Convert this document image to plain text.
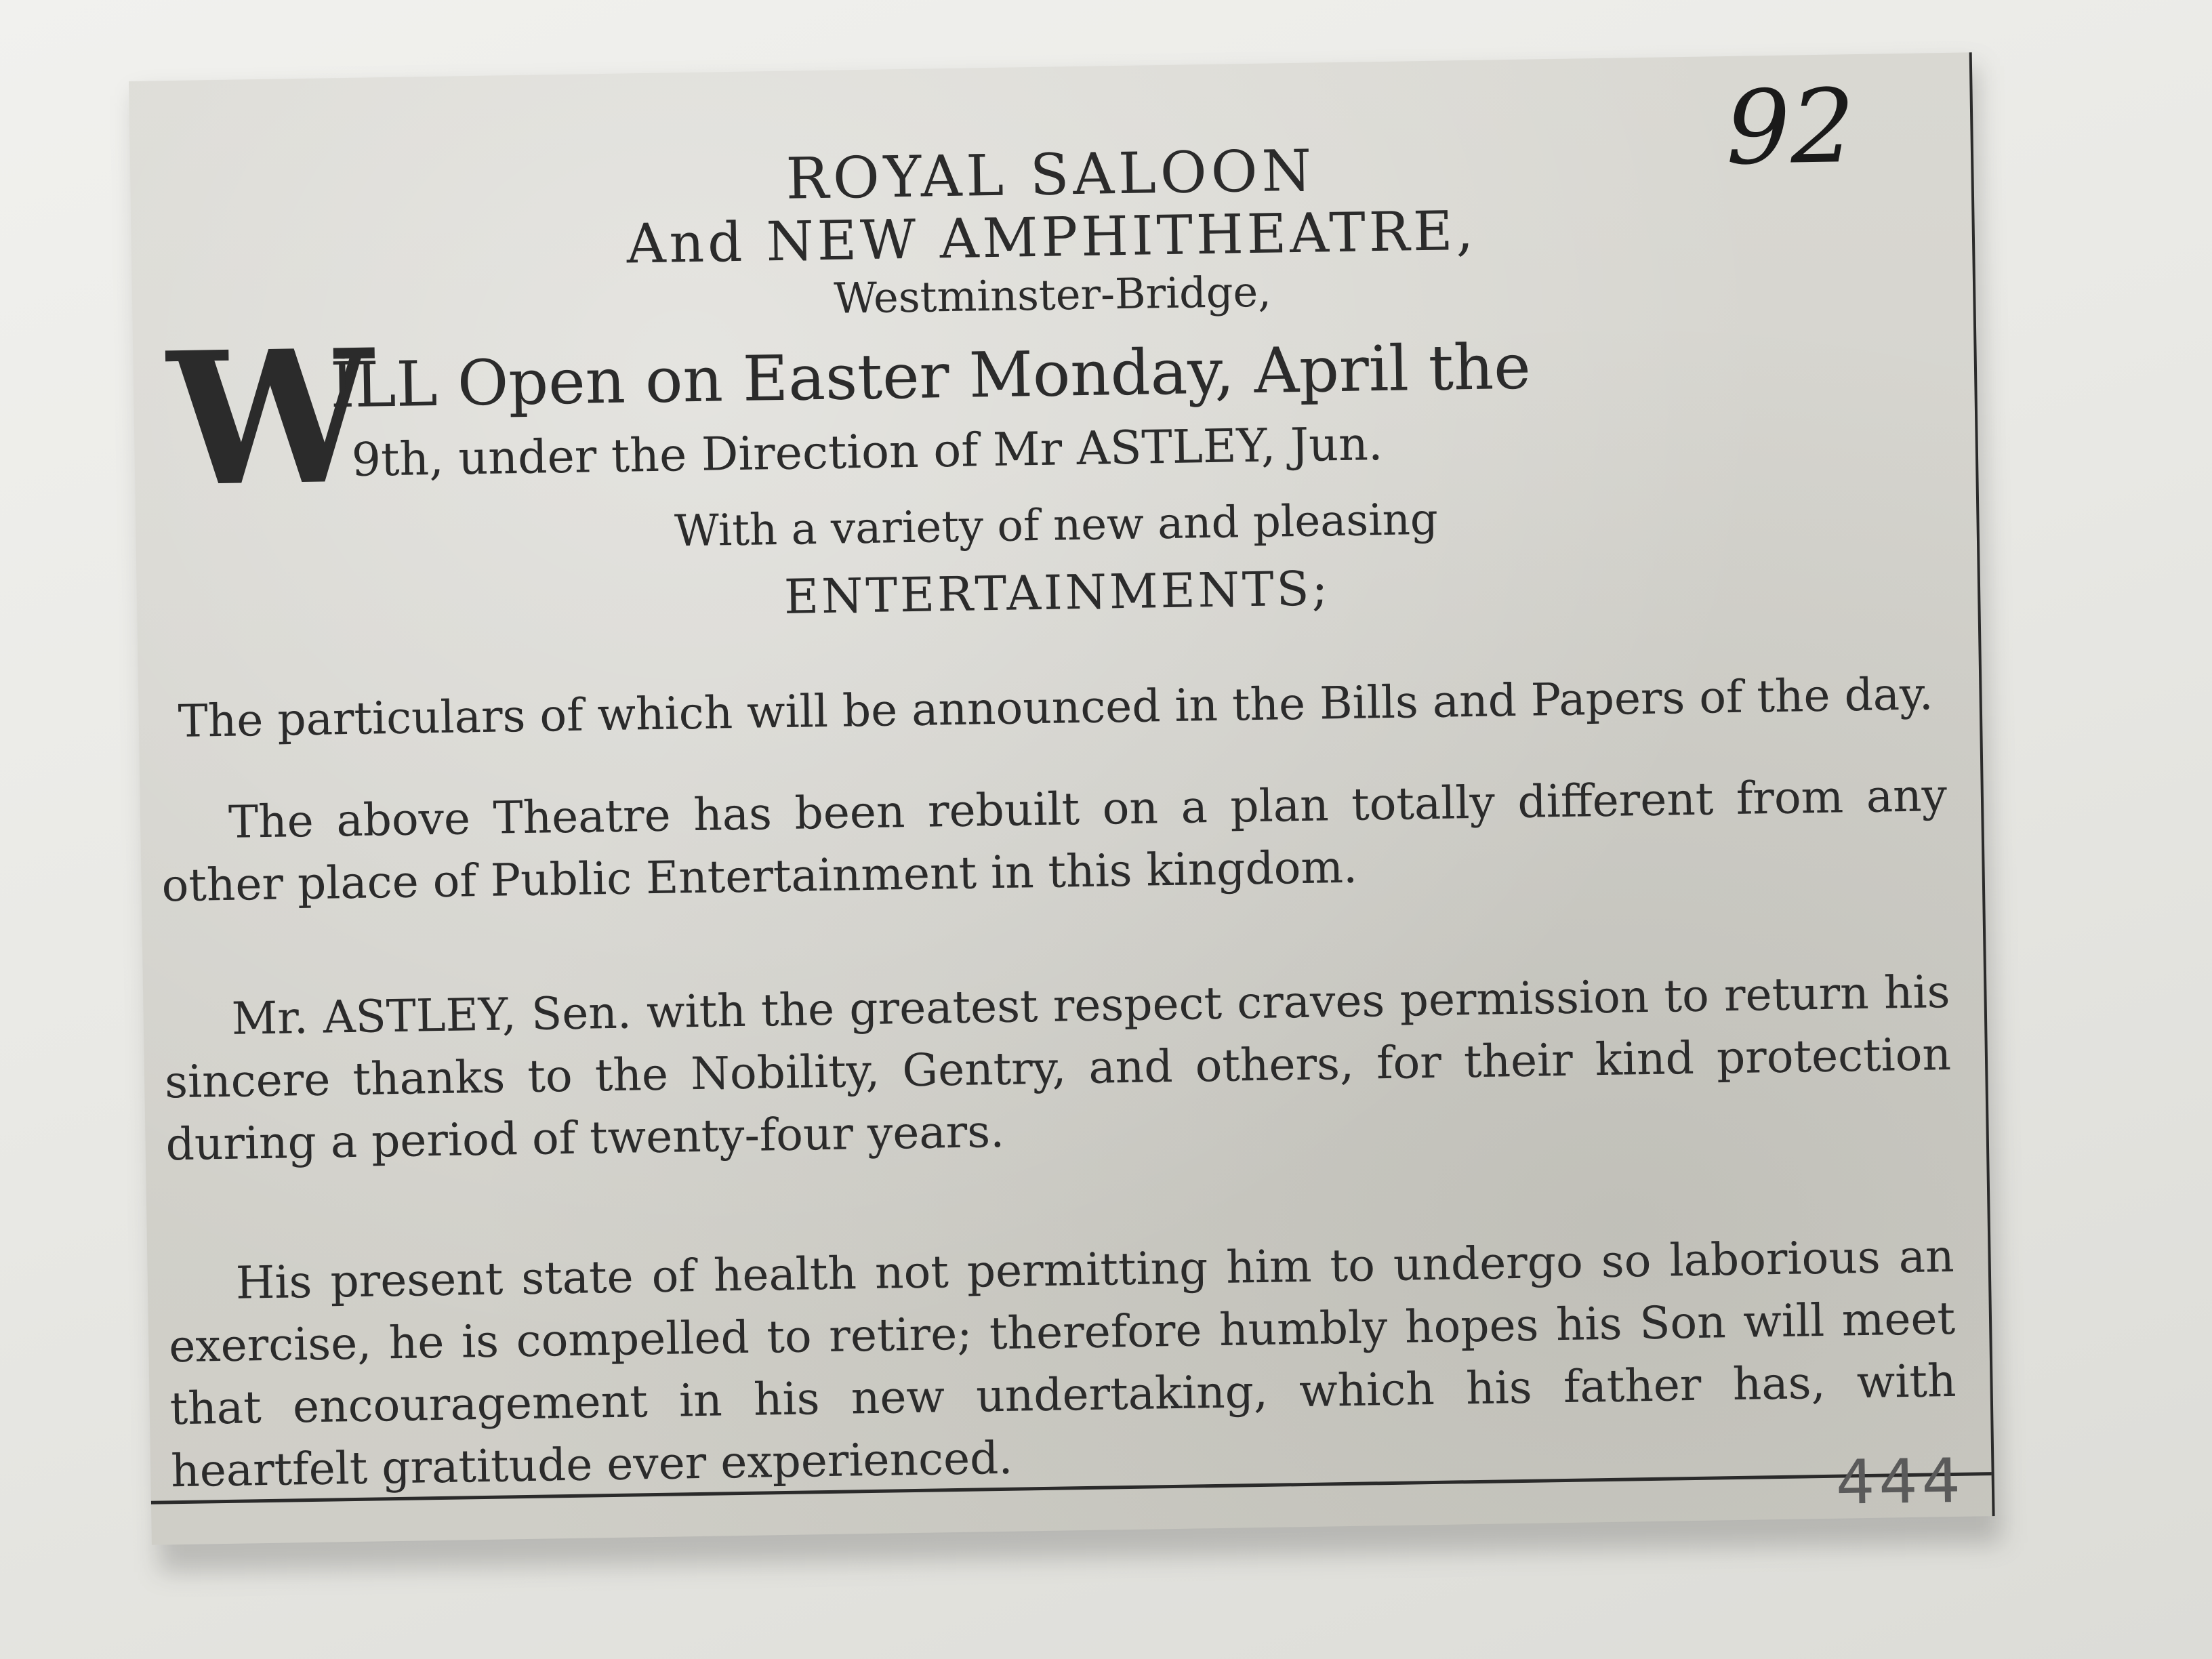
92

ROYAL SALOON

And NEW AMPHITHEATRE,

Westminster-Bridge,

W
ILL Open on Easter Monday, April the
9th, under the Direction of Mr ASTLEY, Jun.

With a variety of new and pleasing

ENTERTAINMENTS;

The particulars of which will be announced in the Bills and Papers of the day.

The above Theatre has been rebuilt on a plan totally different from any other place of Public Entertainment in this kingdom.

Mr. ASTLEY, Sen. with the greatest respect craves permission to return his sincere thanks to the Nobility, Gentry, and others, for their kind protection during a period of twenty-four years.

His present state of health not permitting him to undergo so laborious an exercise, he is compelled to retire; therefore humbly hopes his Son will meet that encouragement in his new undertaking, which his father has, with heartfelt gratitude ever experienced.	444
